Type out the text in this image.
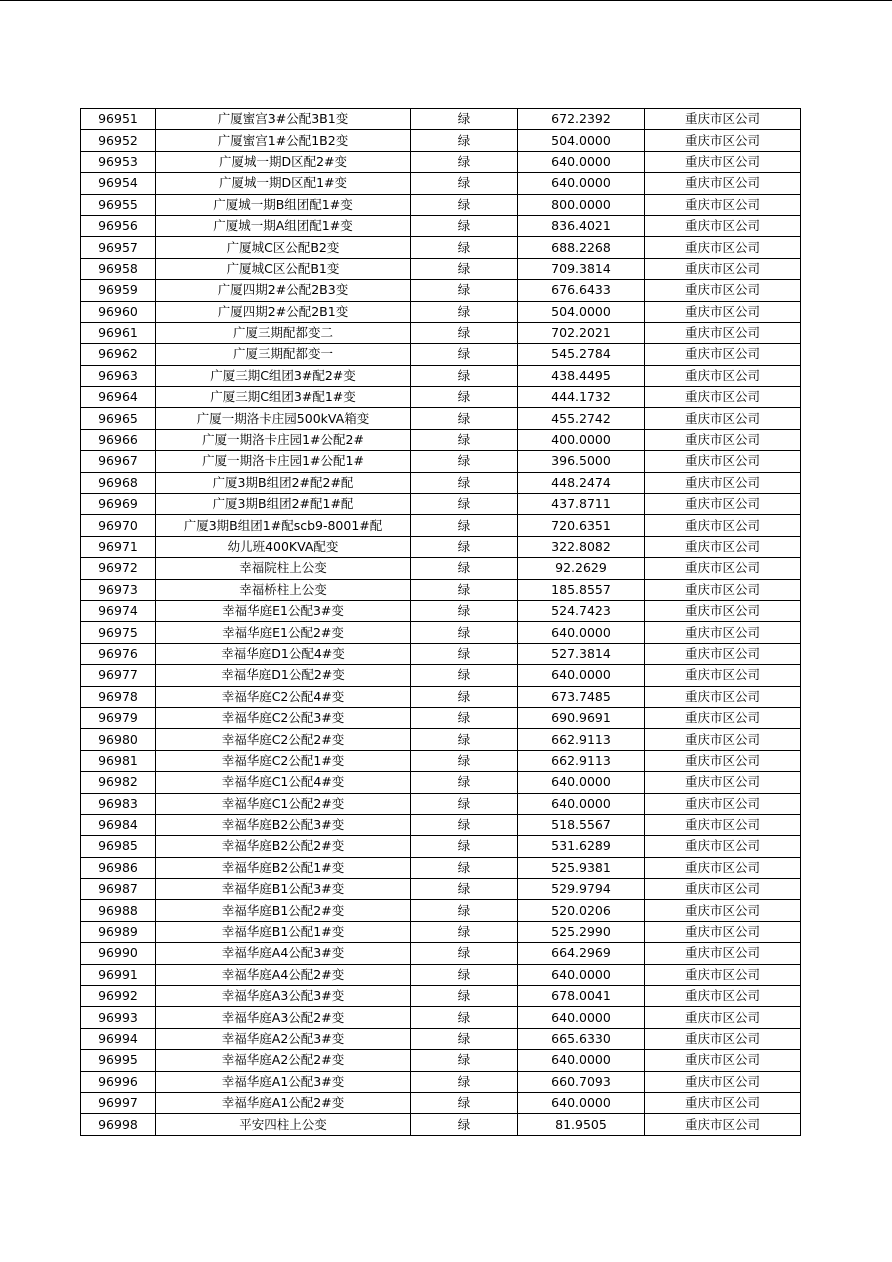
96951	广厦蜜宫3#公配3B1变	绿	672.2392	重庆市区公司
96952	广厦蜜宫1#公配1B2变	绿	504.0000	重庆市区公司
96953	广厦城一期D区配2#变	绿	640.0000	重庆市区公司
96954	广厦城一期D区配1#变	绿	640.0000	重庆市区公司
96955	广厦城一期B组团配1#变	绿	800.0000	重庆市区公司
96956	广厦城一期A组团配1#变	绿	836.4021	重庆市区公司
96957	广厦城C区公配B2变	绿	688.2268	重庆市区公司
96958	广厦城C区公配B1变	绿	709.3814	重庆市区公司
96959	广厦四期2#公配2B3变	绿	676.6433	重庆市区公司
96960	广厦四期2#公配2B1变	绿	504.0000	重庆市区公司
96961	广厦三期配都变二	绿	702.2021	重庆市区公司
96962	广厦三期配都变一	绿	545.2784	重庆市区公司
96963	广厦三期C组团3#配2#变	绿	438.4495	重庆市区公司
96964	广厦三期C组团3#配1#变	绿	444.1732	重庆市区公司
96965	广厦一期洛卡庄园500kVA箱变	绿	455.2742	重庆市区公司
96966	广厦一期洛卡庄园1#公配2#	绿	400.0000	重庆市区公司
96967	广厦一期洛卡庄园1#公配1#	绿	396.5000	重庆市区公司
96968	广厦3期B组团2#配2#配	绿	448.2474	重庆市区公司
96969	广厦3期B组团2#配1#配	绿	437.8711	重庆市区公司
96970	广厦3期B组团1#配scb9-8001#配	绿	720.6351	重庆市区公司
96971	幼儿班400KVA配变	绿	322.8082	重庆市区公司
96972	幸福院柱上公变	绿	92.2629	重庆市区公司
96973	幸福桥柱上公变	绿	185.8557	重庆市区公司
96974	幸福华庭E1公配3#变	绿	524.7423	重庆市区公司
96975	幸福华庭E1公配2#变	绿	640.0000	重庆市区公司
96976	幸福华庭D1公配4#变	绿	527.3814	重庆市区公司
96977	幸福华庭D1公配2#变	绿	640.0000	重庆市区公司
96978	幸福华庭C2公配4#变	绿	673.7485	重庆市区公司
96979	幸福华庭C2公配3#变	绿	690.9691	重庆市区公司
96980	幸福华庭C2公配2#变	绿	662.9113	重庆市区公司
96981	幸福华庭C2公配1#变	绿	662.9113	重庆市区公司
96982	幸福华庭C1公配4#变	绿	640.0000	重庆市区公司
96983	幸福华庭C1公配2#变	绿	640.0000	重庆市区公司
96984	幸福华庭B2公配3#变	绿	518.5567	重庆市区公司
96985	幸福华庭B2公配2#变	绿	531.6289	重庆市区公司
96986	幸福华庭B2公配1#变	绿	525.9381	重庆市区公司
96987	幸福华庭B1公配3#变	绿	529.9794	重庆市区公司
96988	幸福华庭B1公配2#变	绿	520.0206	重庆市区公司
96989	幸福华庭B1公配1#变	绿	525.2990	重庆市区公司
96990	幸福华庭A4公配3#变	绿	664.2969	重庆市区公司
96991	幸福华庭A4公配2#变	绿	640.0000	重庆市区公司
96992	幸福华庭A3公配3#变	绿	678.0041	重庆市区公司
96993	幸福华庭A3公配2#变	绿	640.0000	重庆市区公司
96994	幸福华庭A2公配3#变	绿	665.6330	重庆市区公司
96995	幸福华庭A2公配2#变	绿	640.0000	重庆市区公司
96996	幸福华庭A1公配3#变	绿	660.7093	重庆市区公司
96997	幸福华庭A1公配2#变	绿	640.0000	重庆市区公司
96998	平安四柱上公变	绿	81.9505	重庆市区公司
